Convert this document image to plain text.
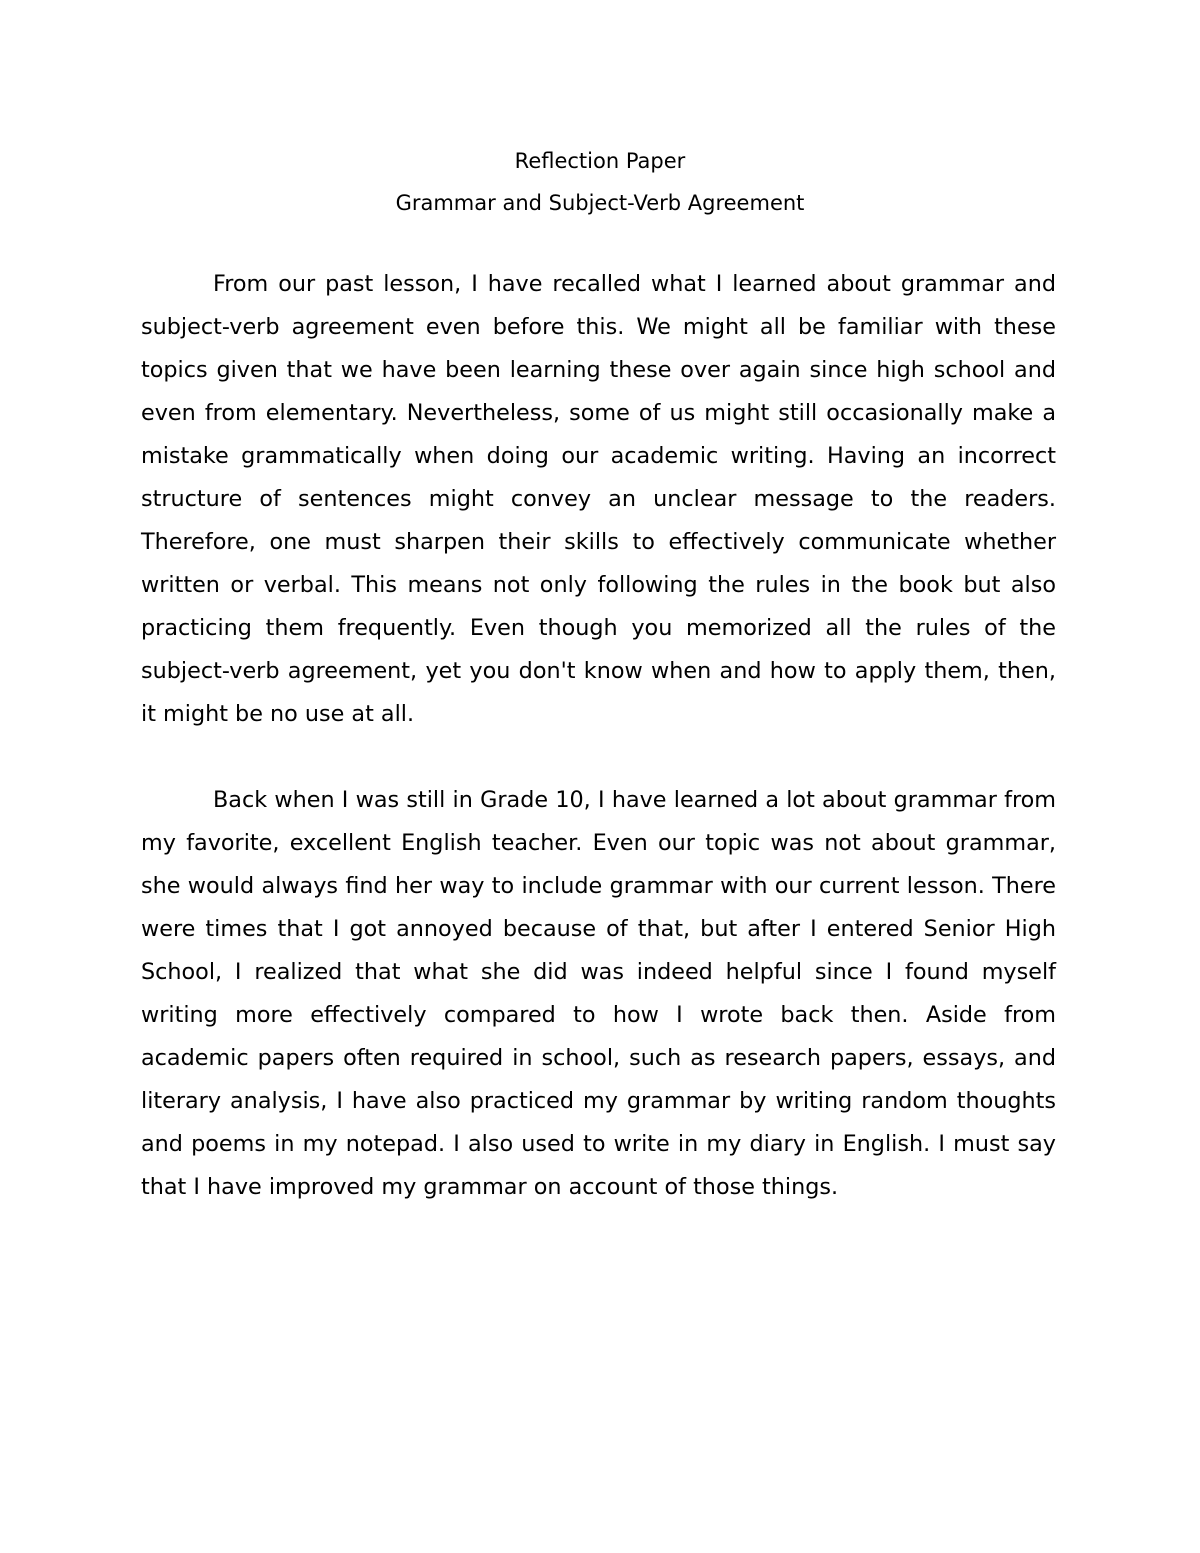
Reflection Paper
Grammar and Subject-Verb Agreement

From our past lesson, I have recalled what I learned about grammar and subject-verb agreement even before this. We might all be familiar with these topics given that we have been learning these over again since high school and even from elementary. Nevertheless, some of us might still occasionally make a mistake grammatically when doing our academic writing. Having an incorrect structure of sentences might convey an unclear message to the readers. Therefore, one must sharpen their skills to effectively communicate whether written or verbal. This means not only following the rules in the book but also practicing them frequently. Even though you memorized all the rules of the subject-verb agreement, yet you don't know when and how to apply them, then, it might be no use at all.

Back when I was still in Grade 10, I have learned a lot about grammar from my favorite, excellent English teacher. Even our topic was not about grammar, she would always find her way to include grammar with our current lesson. There were times that I got annoyed because of that, but after I entered Senior High School, I realized that what she did was indeed helpful since I found myself writing more effectively compared to how I wrote back then. Aside from academic papers often required in school, such as research papers, essays, and literary analysis, I have also practiced my grammar by writing random thoughts and poems in my notepad. I also used to write in my diary in English. I must say that I have improved my grammar on account of those things.
